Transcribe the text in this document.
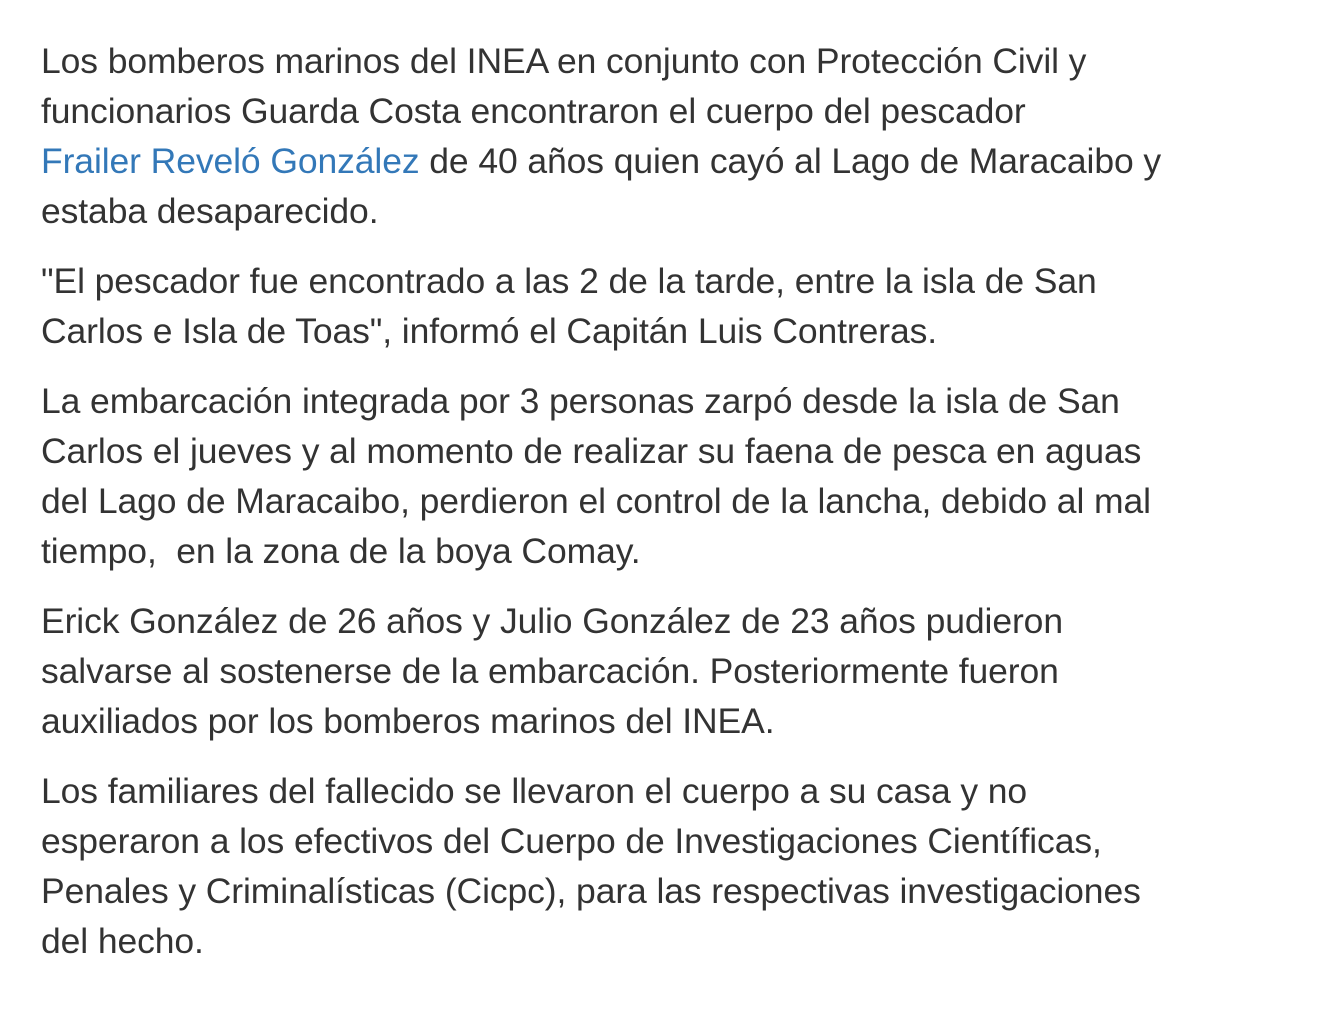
Los bomberos marinos del INEA en conjunto con Protección Civil y
funcionarios Guarda Costa encontraron el cuerpo del pescador
Frailer Reveló González de 40 años quien cayó al Lago de Maracaibo y
estaba desaparecido.

"El pescador fue encontrado a las 2 de la tarde, entre la isla de San
Carlos e Isla de Toas", informó el Capitán Luis Contreras.

La embarcación integrada por 3 personas zarpó desde la isla de San
Carlos el jueves y al momento de realizar su faena de pesca en aguas
del Lago de Maracaibo, perdieron el control de la lancha, debido al mal
tiempo,  en la zona de la boya Comay.

Erick González de 26 años y Julio González de 23 años pudieron
salvarse al sostenerse de la embarcación. Posteriormente fueron
auxiliados por los bomberos marinos del INEA.

Los familiares del fallecido se llevaron el cuerpo a su casa y no
esperaron a los efectivos del Cuerpo de Investigaciones Científicas,
Penales y Criminalísticas (Cicpc), para las respectivas investigaciones
del hecho.
